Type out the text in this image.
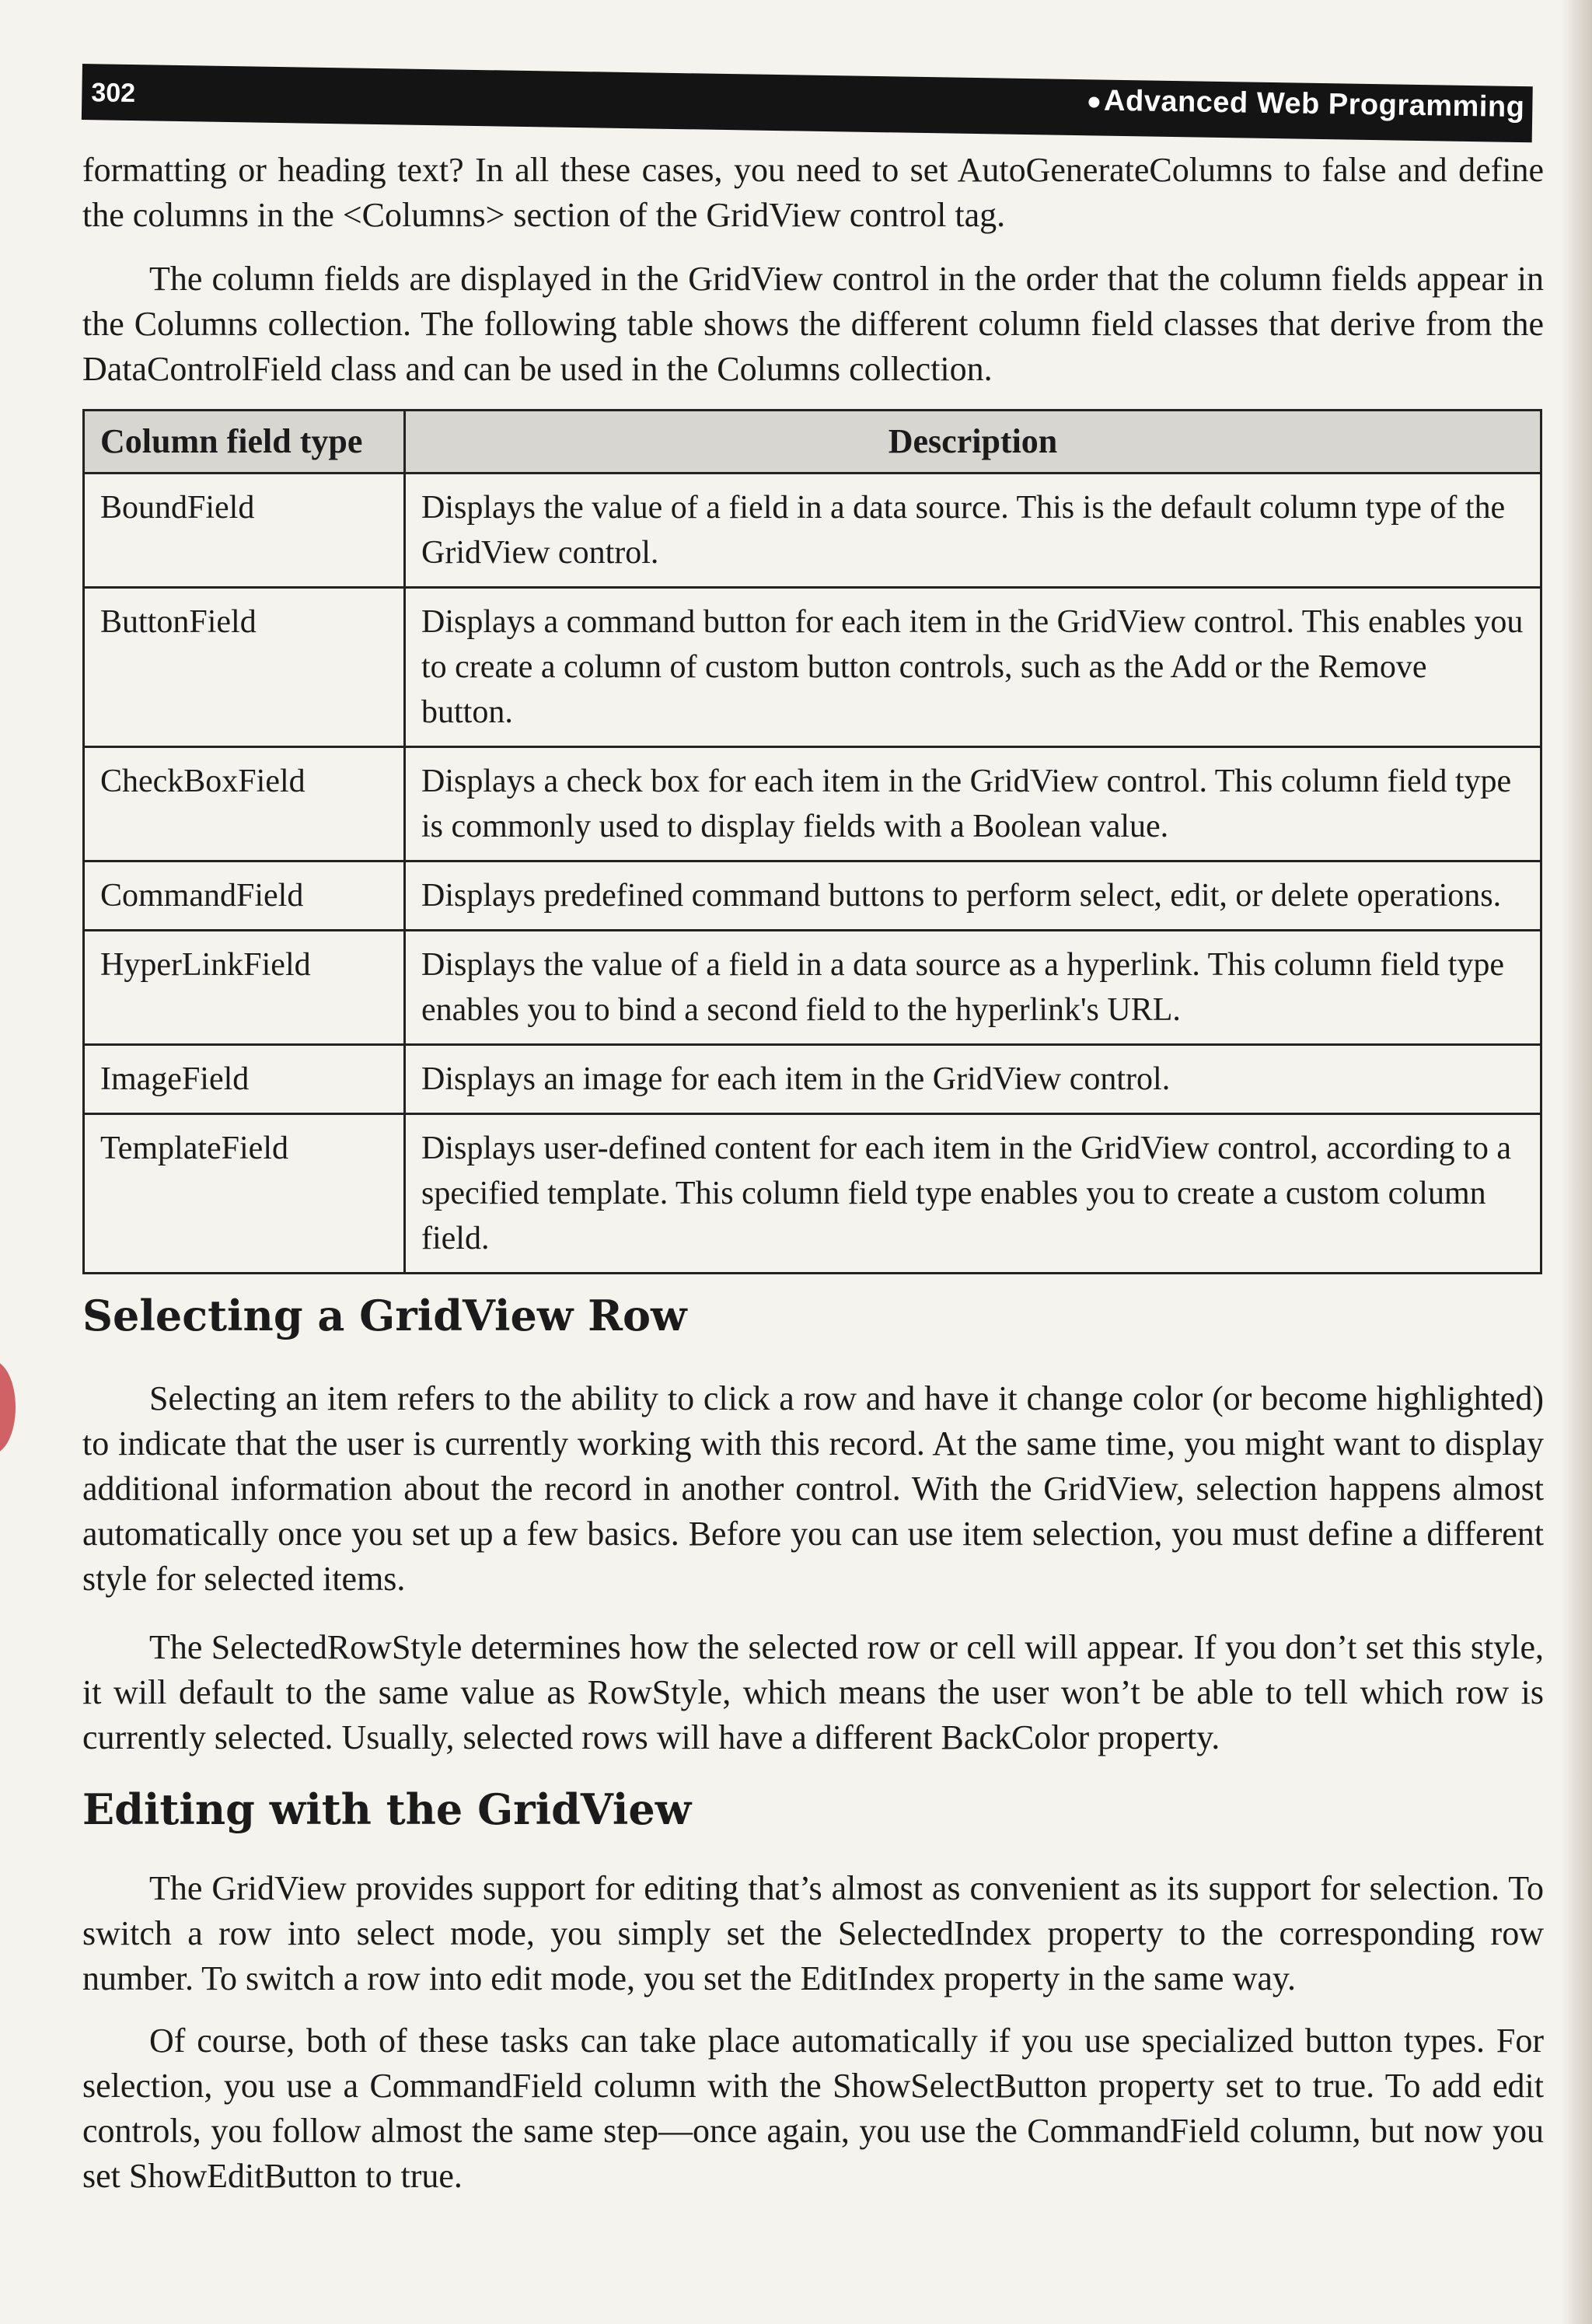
302	Advanced Web Programming

formatting or heading text? In all these cases, you need to set AutoGenerateColumns to false and define the columns in the <Columns> section of the GridView control tag.

The column fields are displayed in the GridView control in the order that the column fields appear in the Columns collection. The following table shows the different column field classes that derive from the DataControlField class and can be used in the Columns collection.

Column field type	Description
BoundField	Displays the value of a field in a data source. This is the default column type of the GridView control.
ButtonField	Displays a command button for each item in the GridView control. This enables you to create a column of custom button controls, such as the Add or the Remove button.
CheckBoxField	Displays a check box for each item in the GridView control. This column field type is commonly used to display fields with a Boolean value.
CommandField	Displays predefined command buttons to perform select, edit, or delete operations.
HyperLinkField	Displays the value of a field in a data source as a hyperlink. This column field type enables you to bind a second field to the hyperlink's URL.
ImageField	Displays an image for each item in the GridView control.
TemplateField	Displays user-defined content for each item in the GridView control, according to a specified template. This column field type enables you to create a custom column field.
Selecting a GridView Row

Selecting an item refers to the ability to click a row and have it change color (or become highlighted) to indicate that the user is currently working with this record. At the same time, you might want to display additional information about the record in another control. With the GridView, selection happens almost automatically once you set up a few basics. Before you can use item selection, you must define a different style for selected items.

The SelectedRowStyle determines how the selected row or cell will appear. If you don’t set this style, it will default to the same value as RowStyle, which means the user won’t be able to tell which row is currently selected. Usually, selected rows will have a different BackColor property.

Editing with the GridView

The GridView provides support for editing that’s almost as convenient as its support for selection. To switch a row into select mode, you simply set the SelectedIndex property to the corresponding row number. To switch a row into edit mode, you set the EditIndex property in the same way.

Of course, both of these tasks can take place automatically if you use specialized button types. For selection, you use a CommandField column with the ShowSelectButton property set to true. To add edit controls, you follow almost the same step—once again, you use the CommandField column, but now you set ShowEditButton to true.
